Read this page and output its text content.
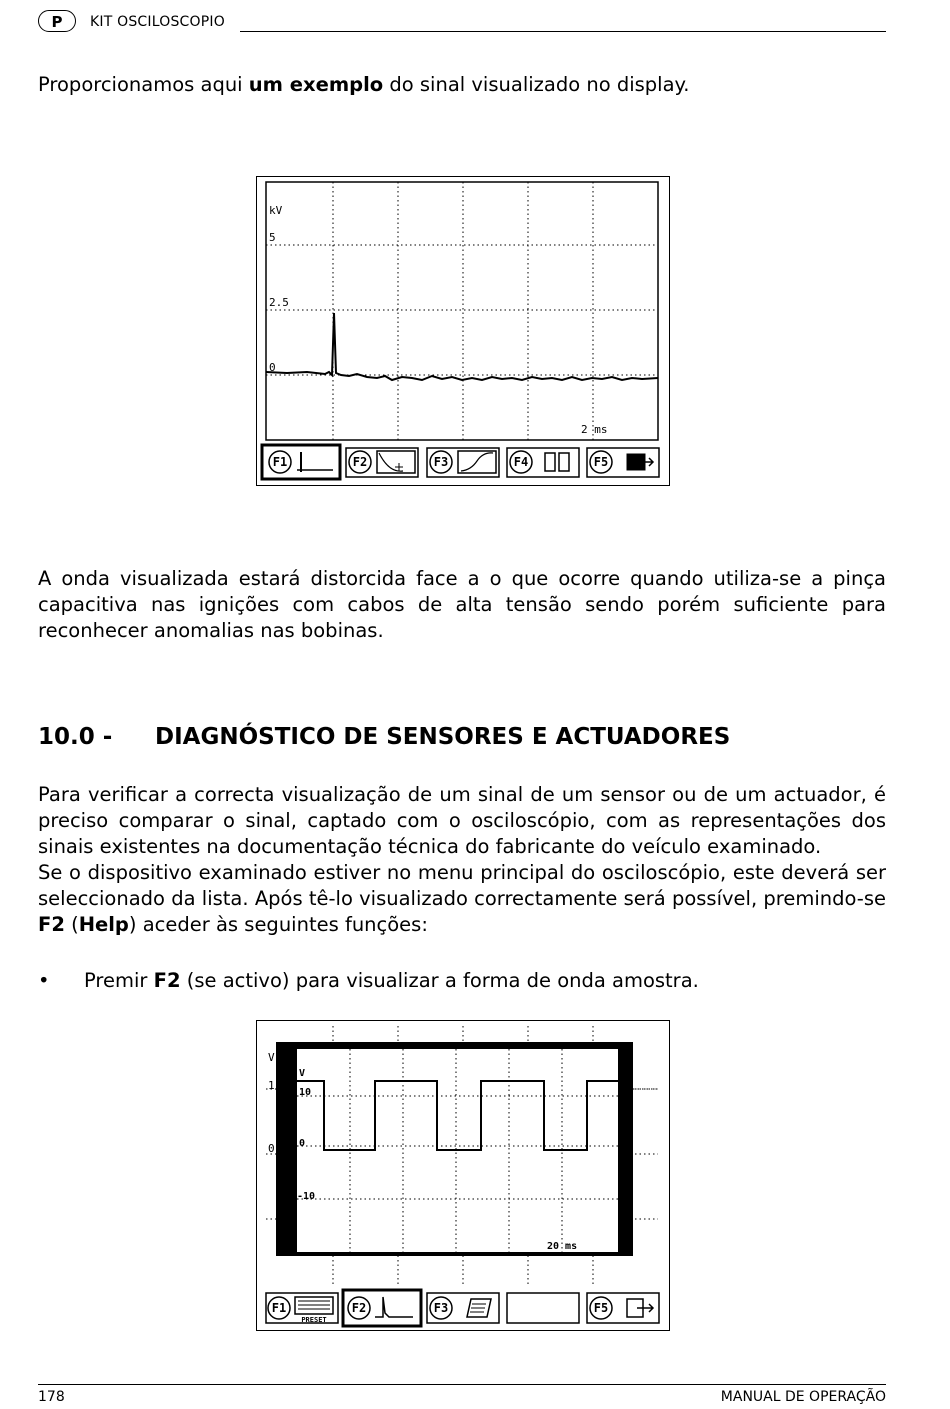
P	KIT OSCILOSCOPIO
Proporcionamos aqui um exemplo do sinal visualizado no display.
kV
5
2.5
0
2 ms
F1	F2	F3	F4	F5
A onda visualizada estará distorcida face a o que ocorre quando utiliza-se a pinça capacitiva nas ignições com cabos de alta tensão sendo porém suficiente para reconhecer anomalias nas bobinas.
10.0 - DIAGNÓSTICO DE SENSORES E ACTUADORES
Para verificar a correcta visualização de um sinal de um sensor ou de um actuador, é preciso comparar o sinal, captado com o osciloscópio, com as representações dos sinais existentes na documentação técnica do fabricante do veículo examinado.
Se o dispositivo examinado estiver no menu principal do osciloscópio, este deverá ser seleccionado da lista. Após tê-lo visualizado correctamente será possível, premindo-se F2 (Help) aceder às seguintes funções:
• Premir F2 (se activo) para visualizar a forma de onda amostra.
V
1
0
V
10
0
-10
20 ms
F1	F2	F3	F5
PRESET
178	MANUAL DE OPERAÇÃO
